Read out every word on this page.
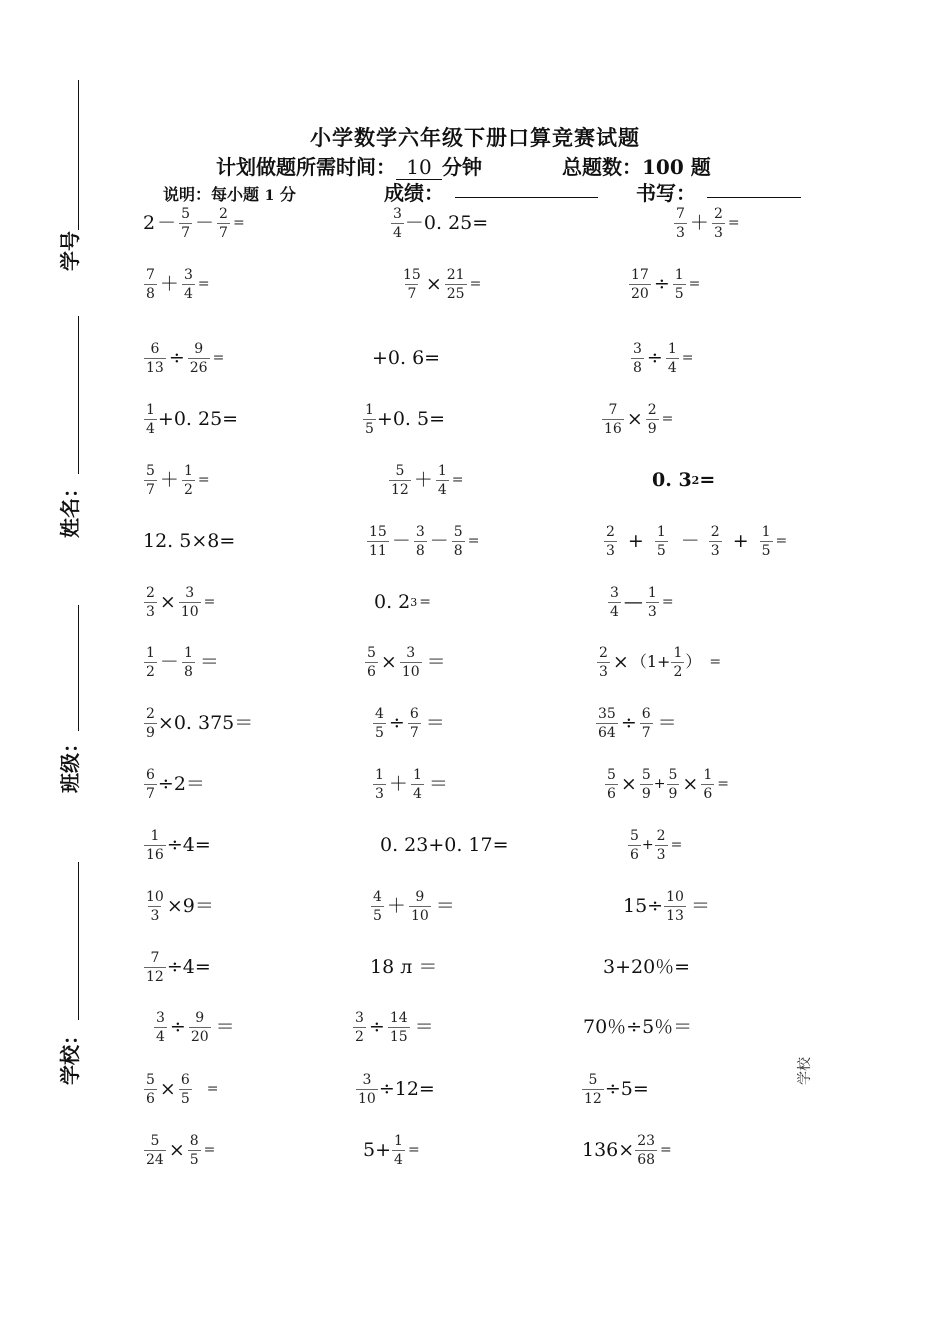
小学数学六年级下册口算竞赛试题
计划做题所需时间： 10 分钟	总题数：100 题
说明：每小题 1 分	成绩：	书写：
学号
姓名：
班级：
学校：	学校
$2 - \frac{5}{7} - \frac{2}{7}$ =	$\frac{3}{4} -0$. 25=	$\frac{7}{3} + \frac{2}{3}$ =
$\frac{7}{8} + \frac{3}{4}$ =	$\frac{15}{7} \times \frac{21}{25}$ =	$\frac{17}{20} \div \frac{1}{5}$ =
$\frac{6}{13} \div \frac{9}{26}$ =	+0. 6=	$\frac{3}{8} \div \frac{1}{4}$ =
$\frac{1}{4} +0$. 25=	$\frac{1}{5} +0$. 5=	$\frac{7}{16} \times \frac{2}{9}$ =
$\frac{5}{7} + \frac{1}{2}$ =	$\frac{5}{12} + \frac{1}{4}$ =	0. 3 2 =
12. 5×8=	$\frac{15}{11} - \frac{3}{8} - \frac{5}{8}$ =	$\frac{2}{3} + \frac{1}{5} - \frac{2}{3} + \frac{1}{5}$ =
$\frac{2}{3} \times \frac{3}{10}$ =	0. 2 3 =	$\frac{3}{4}$ — $\frac{1}{3}$ =
$\frac{1}{2} - \frac{1}{8}$ ＝	$\frac{5}{6} \times \frac{3}{10}$ ＝	$\frac{2}{3} \times (1+ \frac{1}{2}$ ） =
$\frac{2}{9} \times 0$. 375＝	$\frac{4}{5} \div \frac{6}{7}$ ＝	$\frac{35}{64} \div \frac{6}{7}$ ＝
$\frac{6}{7} \div 2=$	$\frac{1}{3} + \frac{1}{4}$ ＝	$\frac{5}{6} \times \frac{5}{9} + \frac{5}{9} \times \frac{1}{6}$ =
$\frac{1}{16} \div 4=$	0. 23+0. 17=	$\frac{5}{6} + \frac{2}{3}$ =
$\frac{10}{3} \times 9=$	$\frac{4}{5} + \frac{9}{10}$ ＝	$15\div \frac{10}{13}$ ＝
$\frac{7}{12} \div 4=$	18 л ＝	3+20％=
$\frac{3}{4} \div \frac{9}{20}$ ＝	$\frac{3}{2} \div \frac{14}{15}$ ＝	70％÷5％＝
$\frac{5}{6} \times \frac{6}{5}$ =	$\frac{3}{10} \div 12=$	$\frac{5}{12} \div 5=$
$\frac{5}{24} \times \frac{8}{5}$ =	$5+ \frac{1}{4}$ =	$136\times \frac{23}{68}$ =
